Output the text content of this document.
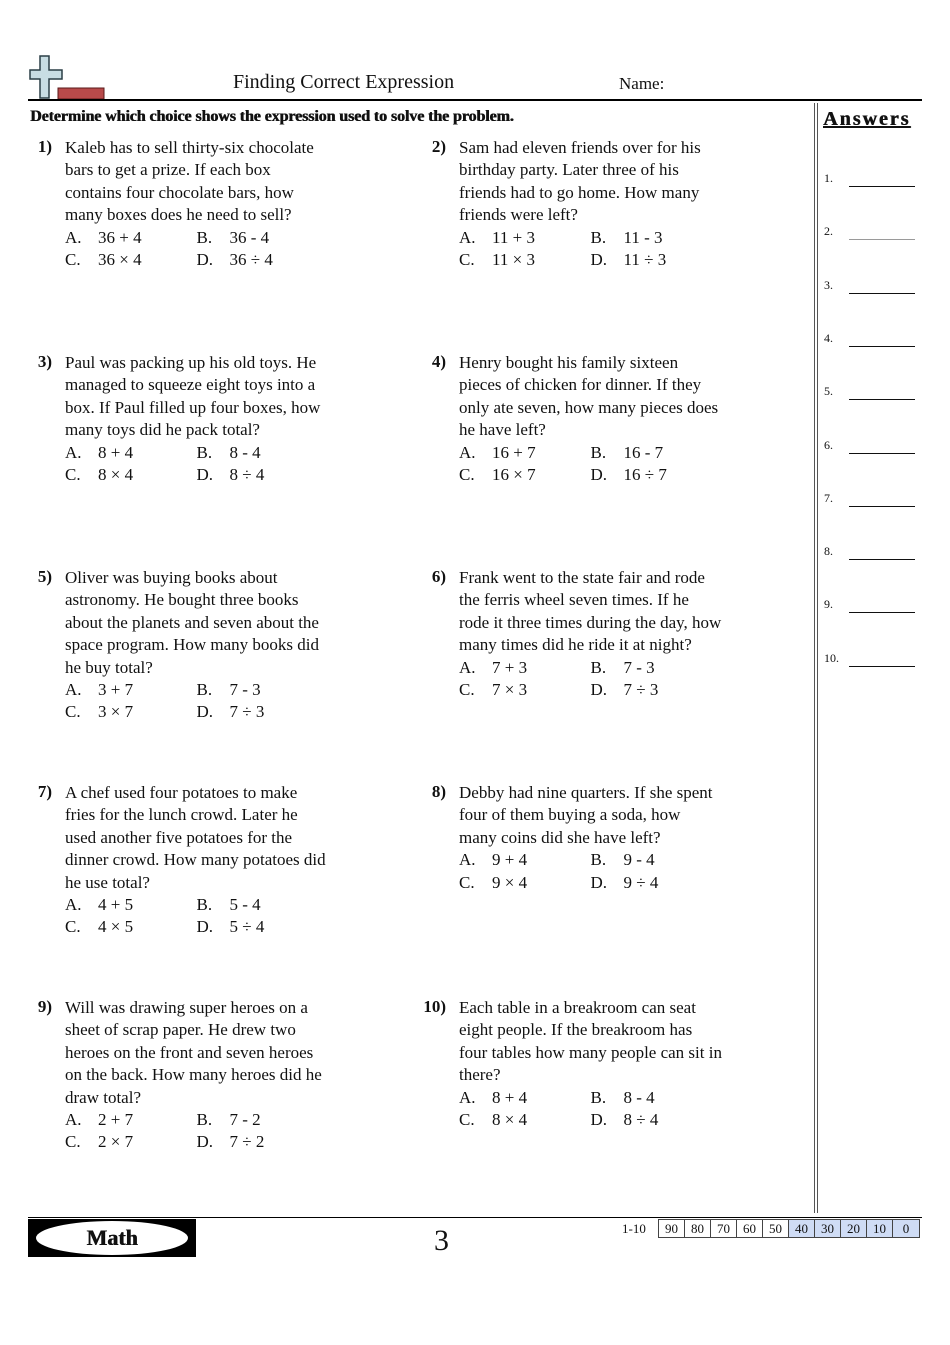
Finding Correct Expression	Name:
Determine which choice shows the expression used to solve the problem.	Answers
1.
2.
3.
4.
5.
6.
7.
8.
9.
10.
1) Kaleb has to sell thirty-six chocolate bars to get a prize. If each box contains four chocolate bars, how many boxes does he need to sell?
A. 36 + 4	B.	36 - 4
C.	36 × 4	D. 36 ÷ 4
2) Sam had eleven friends over for his birthday party. Later three of his friends had to go home. How many friends were left?
A. 11 + 3	B.	11 - 3
C.	11 × 3	D. 11 ÷ 3
3) Paul was packing up his old toys. He managed to squeeze eight toys into a box. If Paul filled up four boxes, how many toys did he pack total?
A. 8 + 4	B.	8 - 4
C.	8 × 4	D. 8 ÷ 4
4) Henry bought his family sixteen pieces of chicken for dinner. If they only ate seven, how many pieces does he have left?
A. 16 + 7	B.	16 - 7
C.	16 × 7	D. 16 ÷ 7
5) Oliver was buying books about astronomy. He bought three books about the planets and seven about the space program. How many books did he buy total?
A. 3 + 7	B.	7 - 3
C.	3 × 7	D. 7 ÷ 3
6) Frank went to the state fair and rode the ferris wheel seven times. If he rode it three times during the day, how many times did he ride it at night?
A. 7 + 3	B.	7 - 3
C.	7 × 3	D. 7 ÷ 3
7) A chef used four potatoes to make fries for the lunch crowd. Later he used another five potatoes for the dinner crowd. How many potatoes did he use total?
A. 4 + 5	B.	5 - 4
C.	4 × 5	D. 5 ÷ 4
8) Debby had nine quarters. If she spent four of them buying a soda, how many coins did she have left?
A. 9 + 4	B.	9 - 4
C.	9 × 4	D. 9 ÷ 4
9) Will was drawing super heroes on a sheet of scrap paper. He drew two heroes on the front and seven heroes on the back. How many heroes did he draw total?
A. 2 + 7	B.	7 - 2
C.	2 × 7	D. 7 ÷ 2
10) Each table in a breakroom can seat eight people. If the breakroom has four tables how many people can sit in there?
A. 8 + 4	B.	8 - 4
C.	8 × 4	D. 8 ÷ 4
Math	3	1-10	90	80	70	60	50	40	30	20	10	0
